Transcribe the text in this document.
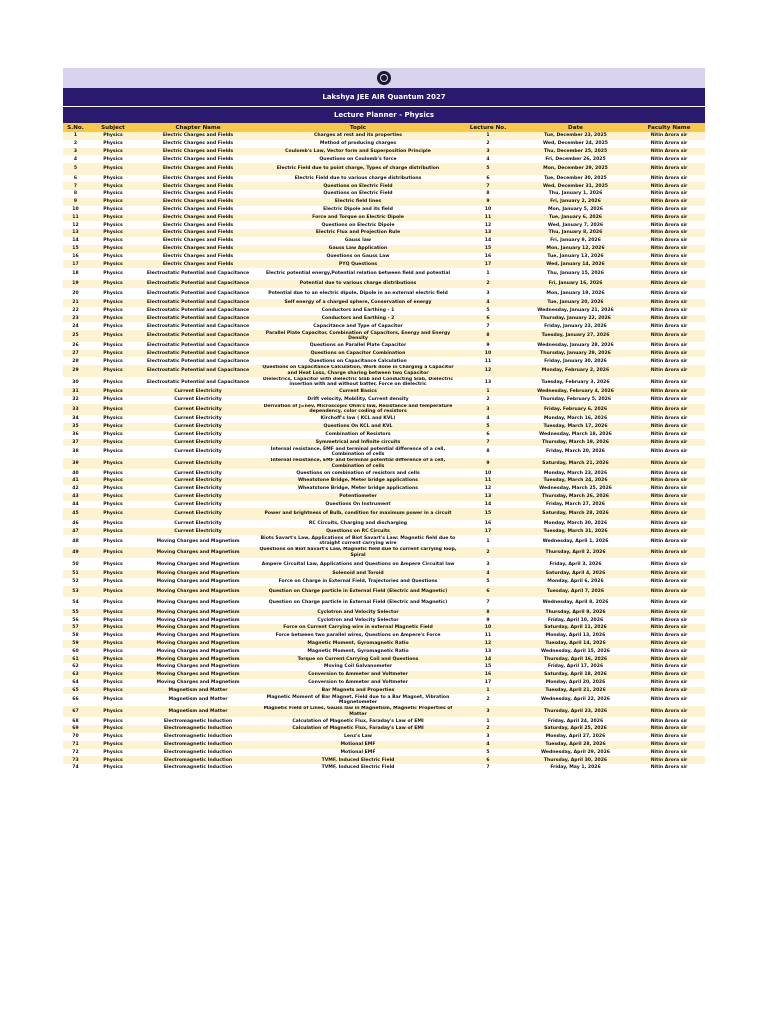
Lakshya JEE AIR Quantum 2027
Lecture Planner - Physics
S.No.	Subject	Chapter Name	Topic	Lecture No.	Date	Faculty Name
1	Physics	Electric Charges and Fields	Charges at rest and its properties	1	Tue, December 23, 2025	Nitin Arora sir
2	Physics	Electric Charges and Fields	Method of producing charges	2	Wed, December 24, 2025	Nitin Arora sir
3	Physics	Electric Charges and Fields	Coulomb's Law, Vector form and Superposition Principle	3	Thu, December 25, 2025	Nitin Arora sir
4	Physics	Electric Charges and Fields	Questions on Coulomb's force	4	Fri, December 26, 2025	Nitin Arora sir
5	Physics	Electric Charges and Fields	Electric Field due to point charge, Types of charge distribution	5	Mon, December 29, 2025	Nitin Arora sir
6	Physics	Electric Charges and Fields	Electric Field due to various charge distributions	6	Tue, December 30, 2025	Nitin Arora sir
7	Physics	Electric Charges and Fields	Questions on Electric Field	7	Wed, December 31, 2025	Nitin Arora sir
8	Physics	Electric Charges and Fields	Questions on Electric Field	8	Thu, January 1, 2026	Nitin Arora sir
9	Physics	Electric Charges and Fields	Electric field lines	9	Fri, January 2, 2026	Nitin Arora sir
10	Physics	Electric Charges and Fields	Electric Dipole and its field	10	Mon, January 5, 2026	Nitin Arora sir
11	Physics	Electric Charges and Fields	Force and Torque on Electric Dipole	11	Tue, January 6, 2026	Nitin Arora sir
12	Physics	Electric Charges and Fields	Questions on Electric Dipole	12	Wed, January 7, 2026	Nitin Arora sir
13	Physics	Electric Charges and Fields	Electric Flux and Projection Rule	13	Thu, January 8, 2026	Nitin Arora sir
14	Physics	Electric Charges and Fields	Gauss law	14	Fri, January 9, 2026	Nitin Arora sir
15	Physics	Electric Charges and Fields	Gauss Law Application	15	Mon, January 12, 2026	Nitin Arora sir
16	Physics	Electric Charges and Fields	Questions on Gauss Law	16	Tue, January 13, 2026	Nitin Arora sir
17	Physics	Electric Charges and Fields	PYQ Questions	17	Wed, January 14, 2026	Nitin Arora sir
18	Physics	Electrostatic Potential and Capacitance	Electric potential energy,Potential relation between field and potential	1	Thu, January 15, 2026	Nitin Arora sir
19	Physics	Electrostatic Potential and Capacitance	Potential due to various charge distributions	2	Fri, January 16, 2026	Nitin Arora sir
20	Physics	Electrostatic Potential and Capacitance	Potential due to an electric dipole, Dipole in an external electric field	3	Mon, January 19, 2026	Nitin Arora sir
21	Physics	Electrostatic Potential and Capacitance	Self energy of a charged sphere, Conservation of energy	4	Tue, January 20, 2026	Nitin Arora sir
22	Physics	Electrostatic Potential and Capacitance	Conductors and Earthing - 1	5	Wednesday, January 21, 2026	Nitin Arora sir
23	Physics	Electrostatic Potential and Capacitance	Conductors and Earthing - 2	6	Thursday, January 22, 2026	Nitin Arora sir
24	Physics	Electrostatic Potential and Capacitance	Capacitance and Type of Capacitor	7	Friday, January 23, 2026	Nitin Arora sir
25	Physics	Electrostatic Potential and Capacitance	Parallel Plate Capacitor, Combination of Capacitors, Energy and Energy Density	8	Tuesday, January 27, 2026	Nitin Arora sir
26	Physics	Electrostatic Potential and Capacitance	Questions on Parallel Plate Capacitor	9	Wednesday, January 28, 2026	Nitin Arora sir
27	Physics	Electrostatic Potential and Capacitance	Questions on Capacitor Combination	10	Thursday, January 29, 2026	Nitin Arora sir
28	Physics	Electrostatic Potential and Capacitance	Questions on Capacitance Calculation	11	Friday, January 30, 2026	Nitin Arora sir
29	Physics	Electrostatic Potential and Capacitance	Questions on Capacitance Calculation, Work done in Charging a Capacitor and Heat Loss, Charge sharing between two Capacitor	12	Monday, February 2, 2026	Nitin Arora sir
30	Physics	Electrostatic Potential and Capacitance	Dielectrics, Capacitor with dielectric Slab and Conducting Slab, Dielectric insertion with and without batter, Force on dielectric	13	Tuesday, February 3, 2026	Nitin Arora sir
31	Physics	Current Electricity	Current Basics	1	Wednesday, February 4, 2026	Nitin Arora sir
32	Physics	Current Electricity	Drift velocity, Mobility, Current density	2	Thursday, February 5, 2026	Nitin Arora sir
33	Physics	Current Electricity	Derivation of J=nev, Microscopic Ohm's law, Resistance and temperature dependency, color coding of resistors	3	Friday, February 6, 2026	Nitin Arora sir
34	Physics	Current Electricity	Kirchoff's law ( KCL and KVL)	4	Monday, March 16, 2026	Nitin Arora sir
35	Physics	Current Electricity	Questions On KCL and KVL	5	Tuesday, March 17, 2026	Nitin Arora sir
36	Physics	Current Electricity	Combination of Resistors	6	Wednesday, March 18, 2026	Nitin Arora sir
37	Physics	Current Electricity	Symmetrical and Infinite circuits	7	Thursday, March 19, 2026	Nitin Arora sir
38	Physics	Current Electricity	Internal resistance, EMF and terminal potential difference of a cell, Combination of cells	8	Friday, March 20, 2026	Nitin Arora sir
39	Physics	Current Electricity	Internal resistance, EMF and terminal potential difference of a cell, Combination of cells	9	Saturday, March 21, 2026	Nitin Arora sir
40	Physics	Current Electricity	Questions on combination of resistors and cells	10	Monday, March 23, 2026	Nitin Arora sir
41	Physics	Current Electricity	Wheatstone Bridge, Meter bridge applications	11	Tuesday, March 24, 2026	Nitin Arora sir
42	Physics	Current Electricity	Wheatstone Bridge, Meter bridge applications	12	Wednesday, March 25, 2026	Nitin Arora sir
43	Physics	Current Electricity	Potentiometer	13	Thursday, March 26, 2026	Nitin Arora sir
44	Physics	Current Electricity	Questions On Instrument	14	Friday, March 27, 2026	Nitin Arora sir
45	Physics	Current Electricity	Power and brightness of Bulb, condition for maximum power in a circuit	15	Saturday, March 28, 2026	Nitin Arora sir
46	Physics	Current Electricity	RC Circuits, Charging and discharging	16	Monday, March 30, 2026	Nitin Arora sir
47	Physics	Current Electricity	Questions on RC Circuits	17	Tuesday, March 31, 2026	Nitin Arora sir
48	Physics	Moving Charges and Magnetism	Biots Savart's Law, Applications of Biot Savart's Law: Magnetic field due to straight current carrying wire	1	Wednesday, April 1, 2026	Nitin Arora sir
49	Physics	Moving Charges and Magnetism	Questions on Biot Savart's Law, Magnetic field due to current carrying loop, Spiral	2	Thursday, April 2, 2026	Nitin Arora sir
50	Physics	Moving Charges and Magnetism	Ampere Circuital Law, Applications and Questions on Ampere Circuital law	3	Friday, April 3, 2026	Nitin Arora sir
51	Physics	Moving Charges and Magnetism	Solenoid and Toroid	4	Saturday, April 4, 2026	Nitin Arora sir
52	Physics	Moving Charges and Magnetism	Force on Charge in External Field, Trajectories and Questions	5	Monday, April 6, 2026	Nitin Arora sir
53	Physics	Moving Charges and Magnetism	Question on Charge particle in External Field (Electric and Magnetic)	6	Tuesday, April 7, 2026	Nitin Arora sir
54	Physics	Moving Charges and Magnetism	Question on Charge particle in External Field (Electric and Magnetic)	7	Wednesday, April 8, 2026	Nitin Arora sir
55	Physics	Moving Charges and Magnetism	Cyclotron and Velocity Selector	8	Thursday, April 9, 2026	Nitin Arora sir
56	Physics	Moving Charges and Magnetism	Cyclotron and Velocity Selector	9	Friday, April 10, 2026	Nitin Arora sir
57	Physics	Moving Charges and Magnetism	Force on Current Carrying wire in external Magnetic Field	10	Saturday, April 11, 2026	Nitin Arora sir
58	Physics	Moving Charges and Magnetism	Force between two parallel wires, Questions on Ampere's Force	11	Monday, April 13, 2026	Nitin Arora sir
59	Physics	Moving Charges and Magnetism	Magnetic Moment, Gyromagnetic Ratio	12	Tuesday, April 14, 2026	Nitin Arora sir
60	Physics	Moving Charges and Magnetism	Magnetic Moment, Gyromagnetic Ratio	13	Wednesday, April 15, 2026	Nitin Arora sir
61	Physics	Moving Charges and Magnetism	Torque on Current Carrying Coil and Questions	14	Thursday, April 16, 2026	Nitin Arora sir
62	Physics	Moving Charges and Magnetism	Moving Coil Galvanometer	15	Friday, April 17, 2026	Nitin Arora sir
63	Physics	Moving Charges and Magnetism	Conversion to Ammeter and Voltmeter	16	Saturday, April 18, 2026	Nitin Arora sir
64	Physics	Moving Charges and Magnetism	Conversion to Ammeter and Voltmeter	17	Monday, April 20, 2026	Nitin Arora sir
65	Physics	Magnetism and Matter	Bar Magnets and Properties	1	Tuesday, April 21, 2026	Nitin Arora sir
66	Physics	Magnetism and Matter	Magnetic Moment of Bar Magnet, Field due to a Bar Magnet, Vibration Magnetometer	2	Wednesday, April 22, 2026	Nitin Arora sir
67	Physics	Magnetism and Matter	Magnetic Field of Lines, Gauss law in Magnetism, Magnetic Properties of Matter	3	Thursday, April 23, 2026	Nitin Arora sir
68	Physics	Electromagnetic Induction	Calculation of Magnetic Flux, Faraday's Law of EMI	1	Friday, April 24, 2026	Nitin Arora sir
69	Physics	Electromagnetic Induction	Calculation of Magnetic Flux, Faraday's Law of EMI	2	Saturday, April 25, 2026	Nitin Arora sir
70	Physics	Electromagnetic Induction	Lenz's Law	3	Monday, April 27, 2026	Nitin Arora sir
71	Physics	Electromagnetic Induction	Motional EMF	4	Tuesday, April 28, 2026	Nitin Arora sir
72	Physics	Electromagnetic Induction	Motional EMF	5	Wednesday, April 29, 2026	Nitin Arora sir
73	Physics	Electromagnetic Induction	TVMF, Induced Electric Field	6	Thursday, April 30, 2026	Nitin Arora sir
74	Physics	Electromagnetic Induction	TVMF, Induced Electric Field	7	Friday, May 1, 2026	Nitin Arora sir
